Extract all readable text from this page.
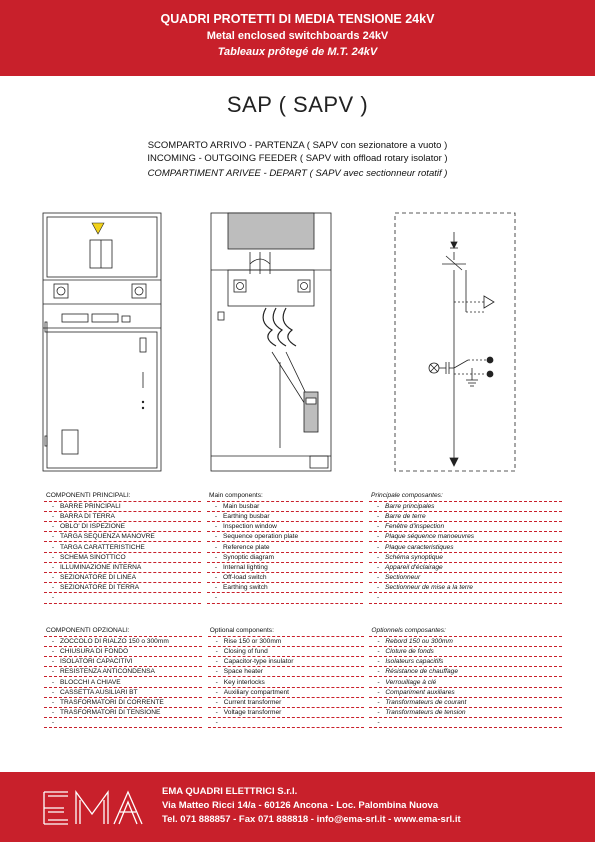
QUADRI PROTETTI DI MEDIA TENSIONE 24kV
Metal enclosed switchboards 24kV
Tableaux prôtegé de M.T. 24kV
SAP ( SAPV )
SCOMPARTO ARRIVO - PARTENZA ( SAPV con sezionatore a vuoto )
INCOMING - OUTGOING FEEDER ( SAPV with offload rotary isolator )
COMPARTIMENT ARIVEE - DEPART ( SAPV avec sectionneur rotatif )
COMPONENTI PRINCIPALI:		Main components:		Principale composantes:
- BARRE PRINCIPALI		- Main busbar		- Barre principales
- BARRA DI TERRA		- Earthing busbar		- Barre de terre
- OBLO' DI ISPEZIONE		- Inspection window		- Fenêtre d'inspection
- TARGA SEQUENZA MANOVRE		- Sequence operation plate		- Plaque séquence manoeuvres
- TARGA CARATTERISTICHE		- Reference plate		- Plaque caracteristiques
- SCHEMA SINOTTICO		- Synoptic diagram		- Schéma synoptique
- ILLUMINAZIONE INTERNA		- Internal lighting		- Appareil d'éclairage
- SEZIONATORE DI LINEA		- Off-load switch		- Sectionneur
- SEZIONATORE DI TERRA		- Earthing switch		- Sectionneur de mise a la terre
-		-		-
COMPONENTI OPZIONALI:		Optional components:		Optionnels composantes:
- ZOCCOLO DI RIALZO 150 o 300mm		- Rise 150 or 300mm		- Rebord 150 ou 300mm
- CHIUSURA DI FONDO		- Closing of fund		- Cloture de fonds
- ISOLATORI CAPACITIVI		- Capacitor-type insulator		- Isolateurs capacitifs
- RESISTENZA ANTICONDENSA		- Space heater		- Résistance de chauffage
- BLOCCHI A CHIAVE		- Key interlocks		- Verrouillage à clé
- CASSETTA AUSILIARI BT		- Auxiliary compartment		- Compariment auxiliares
- TRASFORMATORI DI CORRENTE		- Current transformer		- Transformateurs de courant
- TRASFORMATORI DI TENSIONE		- Voltage transformer		- Transformateurs de tension
-		-		-
EMA QUADRI ELETTRICI S.r.l.
Via Matteo Ricci 14/a - 60126 Ancona - Loc. Palombina Nuova
Tel. 071 888857 - Fax 071 888818 - info@ema-srl.it - www.ema-srl.it
